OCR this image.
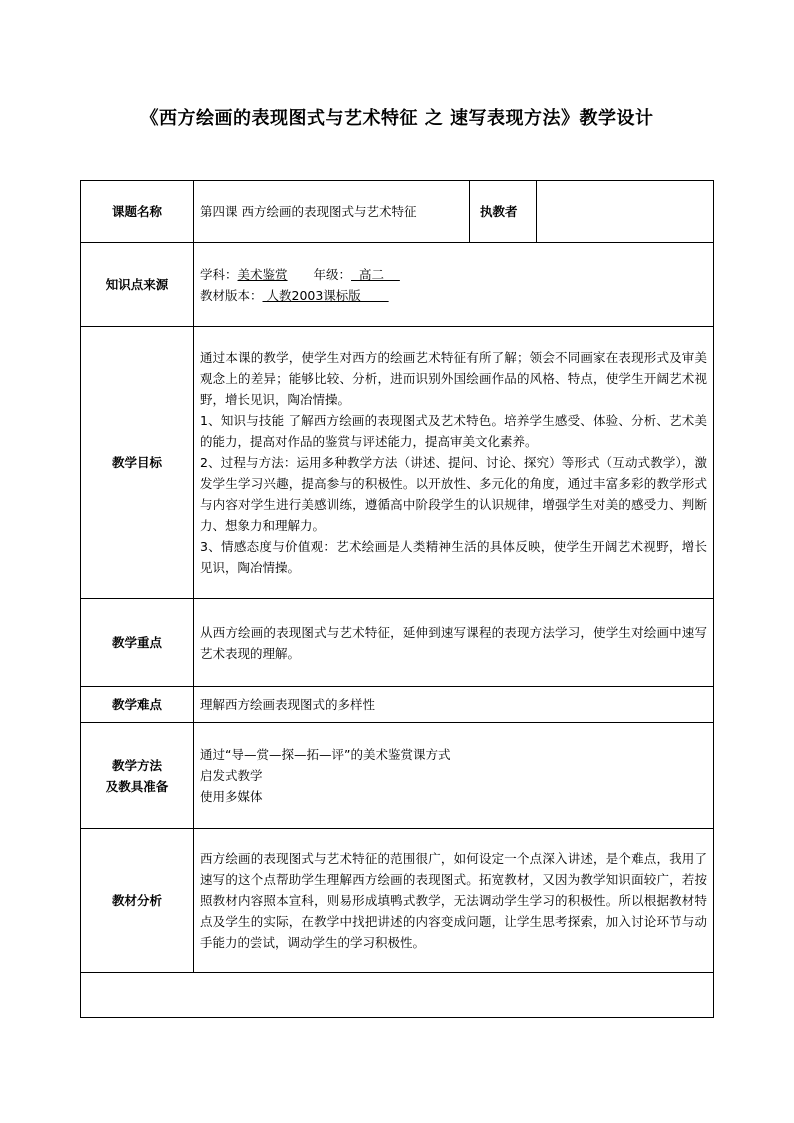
《西方绘画的表现图式与艺术特征 之 速写表现方法》教学设计
课题名称	第四课 西方绘画的表现图式与艺术特征	执教者	
知识点来源	学科：美术鉴赏 年级：  高二
教材版本： 人教2003课标版		

教学目标	通过本课的教学，使学生对西方的绘画艺术特征有所了解；领会不同画家在表现形式及审美观念上的差异；能够比较、分析，进而识别外国绘画作品的风格、特点，使学生开阔艺术视野，增长见识，陶冶情操。
1、知识与技能 了解西方绘画的表现图式及艺术特色。培养学生感受、体验、分析、艺术美的能力，提高对作品的鉴赏与评述能力，提高审美文化素养。
2、过程与方法：运用多种教学方法（讲述、提问、讨论、探究）等形式（互动式教学），激发学生学习兴趣，提高参与的积极性。以开放性、多元化的角度，通过丰富多彩的教学形式与内容对学生进行美感训练，遵循高中阶段学生的认识规律，增强学生对美的感受力、判断力、想象力和理解力。
3、情感态度与价值观：艺术绘画是人类精神生活的具体反映，使学生开阔艺术视野，增长见识，陶冶情操。		

教学重点	从西方绘画的表现图式与艺术特征，延伸到速写课程的表现方法学习，使学生对绘画中速写艺术表现的理解。		
教学难点	理解西方绘画表现图式的多样性		

教学方法
及教具准备	通过“导—赏—探—拓—评”的美术鉴赏课方式
启发式教学
使用多媒体		

教材分析	西方绘画的表现图式与艺术特征的范围很广，如何设定一个点深入讲述，是个难点，我用了速写的这个点帮助学生理解西方绘画的表现图式。拓宽教材，又因为教学知识面较广，若按照教材内容照本宣科，则易形成填鸭式教学，无法调动学生学习的积极性。所以根据教材特点及学生的实际，在教学中找把讲述的内容变成问题，让学生思考探索，加入讨论环节与动手能力的尝试，调动学生的学习积极性。		
